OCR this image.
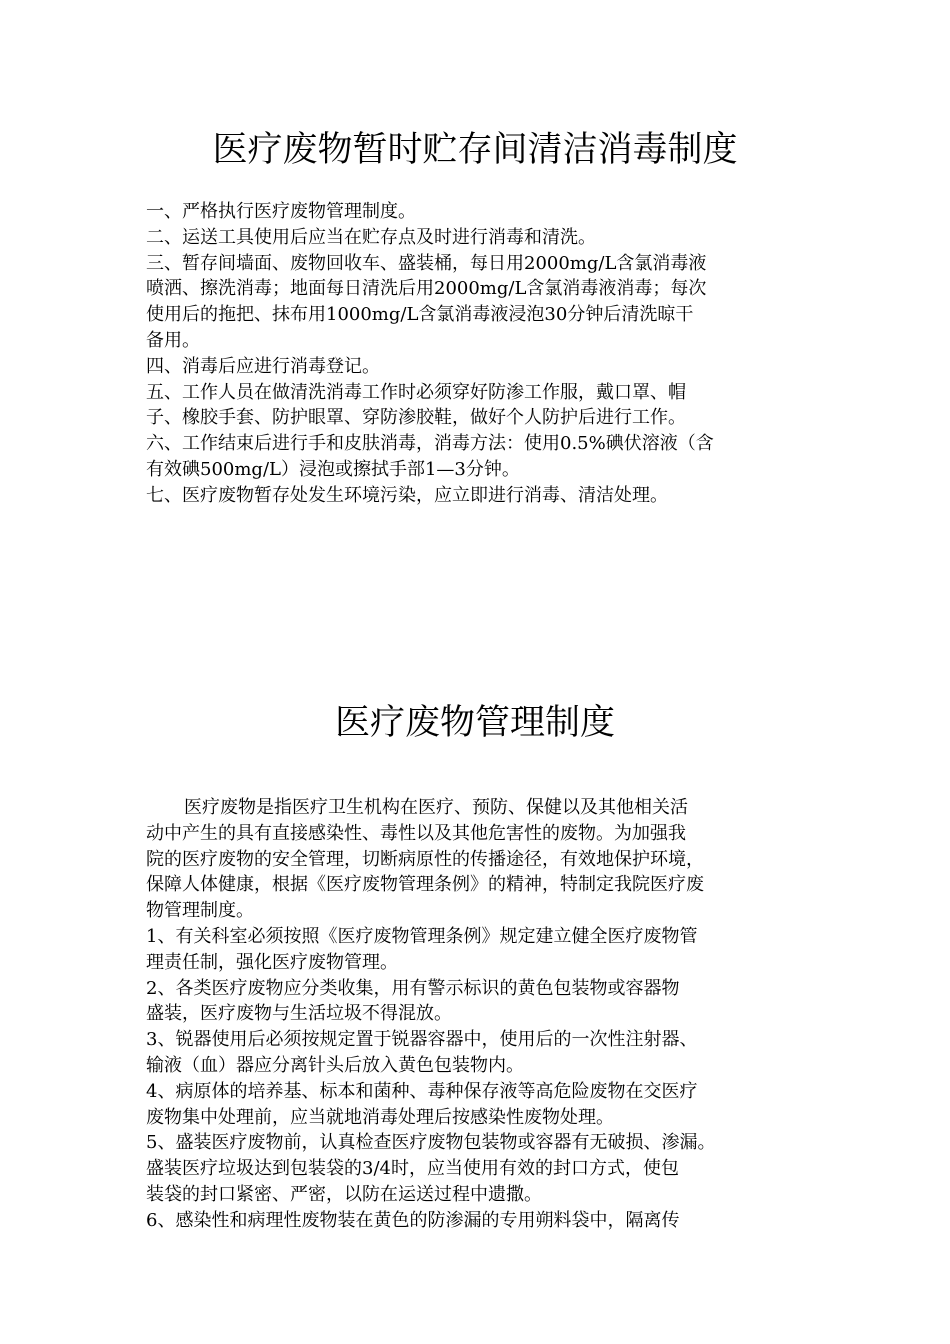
医疗废物暂时贮存间清洁消毒制度
一、严格执行医疗废物管理制度。
二、运送工具使用后应当在贮存点及时进行消毒和清洗。
三、暂存间墙面、废物回收车、盛装桶，每日用2000mg/L含氯消毒液
喷洒、擦洗消毒；地面每日清洗后用2000mg/L含氯消毒液消毒；每次
使用后的拖把、抹布用1000mg/L含氯消毒液浸泡30分钟后清洗晾干
备用。
四、消毒后应进行消毒登记。
五、工作人员在做清洗消毒工作时必须穿好防渗工作服，戴口罩、帽
子、橡胶手套、防护眼罩、穿防渗胶鞋，做好个人防护后进行工作。
六、工作结束后进行手和皮肤消毒，消毒方法：使用0.5%碘伏溶液（含
有效碘500mg/L）浸泡或擦拭手部1—3分钟。
七、医疗废物暂存处发生环境污染，应立即进行消毒、清洁处理。
医疗废物管理制度
医疗废物是指医疗卫生机构在医疗、预防、保健以及其他相关活
动中产生的具有直接感染性、毒性以及其他危害性的废物。为加强我
院的医疗废物的安全管理，切断病原性的传播途径，有效地保护环境，
保障人体健康，根据《医疗废物管理条例》的精神，特制定我院医疗废
物管理制度。
1、有关科室必须按照《医疗废物管理条例》规定建立健全医疗废物管
理责任制，强化医疗废物管理。
2、各类医疗废物应分类收集，用有警示标识的黄色包装物或容器物
盛装，医疗废物与生活垃圾不得混放。
3、锐器使用后必须按规定置于锐器容器中，使用后的一次性注射器、
输液（血）器应分离针头后放入黄色包装物内。
4、病原体的培养基、标本和菌种、毒种保存液等高危险废物在交医疗
废物集中处理前，应当就地消毒处理后按感染性废物处理。
5、盛装医疗废物前，认真检查医疗废物包装物或容器有无破损、渗漏。
盛装医疗垃圾达到包装袋的3/4时，应当使用有效的封口方式，使包
装袋的封口紧密、严密，以防在运送过程中遗撒。
6、感染性和病理性废物装在黄色的防渗漏的专用朔料袋中，隔离传
